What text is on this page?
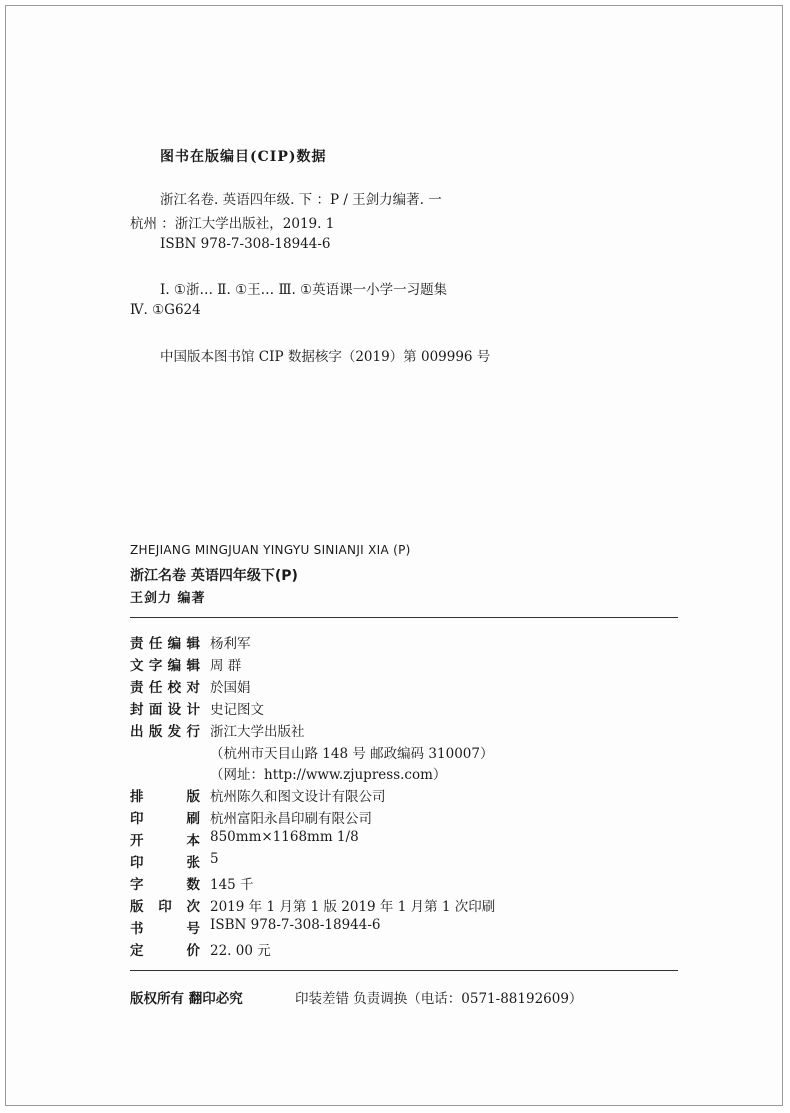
图书在版编目(CIP)数据
浙江名卷. 英语四年级. 下 ：P / 王剑力编著. 一
杭州 ：浙江大学出版社，2019. 1
ISBN 978-7-308-18944-6
Ⅰ. ①浙… Ⅱ. ①王… Ⅲ. ①英语课一小学一习题集
Ⅳ. ①G624
中国版本图书馆 CIP 数据核字（2019）第 009996 号
ZHEJIANG MINGJUAN YINGYU SINIANJI XIA (P)
浙江名卷 英语四年级下(P)
王剑力 编著
责 任 编 辑 杨利军
文 字 编 辑 周 群
责 任 校 对 於国娟
封 面 设 计 史记图文
出 版 发 行 浙江大学出版社
（杭州市天目山路 148 号 邮政编码 310007）
（网址：http://www.zjupress.com）
排	版 杭州陈久和图文设计有限公司
印	刷 杭州富阳永昌印刷有限公司
开	本 850mm×1168mm 1/8
印	张 5
字	数 145 千
版 印 次 2019 年 1 月第 1 版 2019 年 1 月第 1 次印刷
书	号 ISBN 978-7-308-18944-6
定	价 22. 00 元
版权所有 翻印必究	印装差错 负责调换（电话：0571-88192609）
